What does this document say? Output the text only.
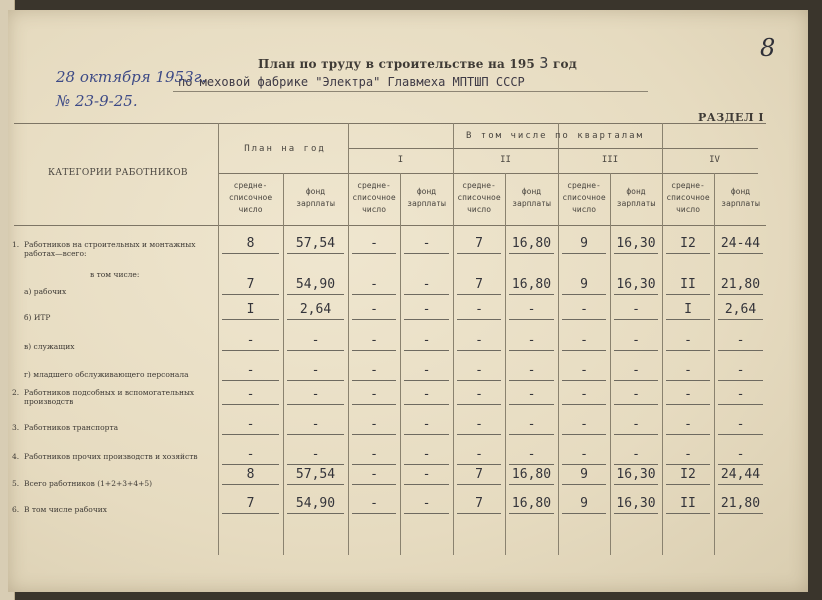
План по труду в строительстве на 195 3 год
по меховой фабрике "Электра" Главмеха МПТШП СССР
28 октября 1953г.
№ 23-9-25.
8
РАЗДЕЛ I
КАТЕГОРИИ РАБОТНИКОВ
План на год
В том числе по кварталам
I	II	III	IV
средне-
списочное
число
фонд
зарплаты
средне-
списочное
число
фонд
зарплаты
средне-
списочное
число
фонд
зарплаты
средне-
списочное
число
фонд
зарплаты
средне-
списочное
число
фонд
зарплаты
1. Работников на строительных и монтажных
работах—всего:
8	57,54	-	-	7	16,80	9	16,30	I2	24-44
в том числе:
а) рабочих	7	54,90	-	-	7	16,80	9	16,30	II	21,80
б) ИТР
I	2,64	-	-	-	-	-	-	I	2,64
в) служащих	-	-	-	-	-	-	-	-	-	-
г) младшего обслуживающего персонала	-	-	-	-	-	-	-	-	-	-
2. Работников подсобных и вспомогательных
производств	-	-	-	-	-	-	-	-	-	-
3. Работников транспорта	-	-	-	-	-	-	-	-	-	-
4. Работников прочих производств и хозяйств	-	-	-	-	-	-	-	-	-	-
5. Всего работников (1+2+3+4+5)
8	57,54	-	-	7	16,80	9	16,30	I2	24,44
6. В том числе рабочих	7	54,90	-	-	7	16,80	9	16,30	II	21,80
